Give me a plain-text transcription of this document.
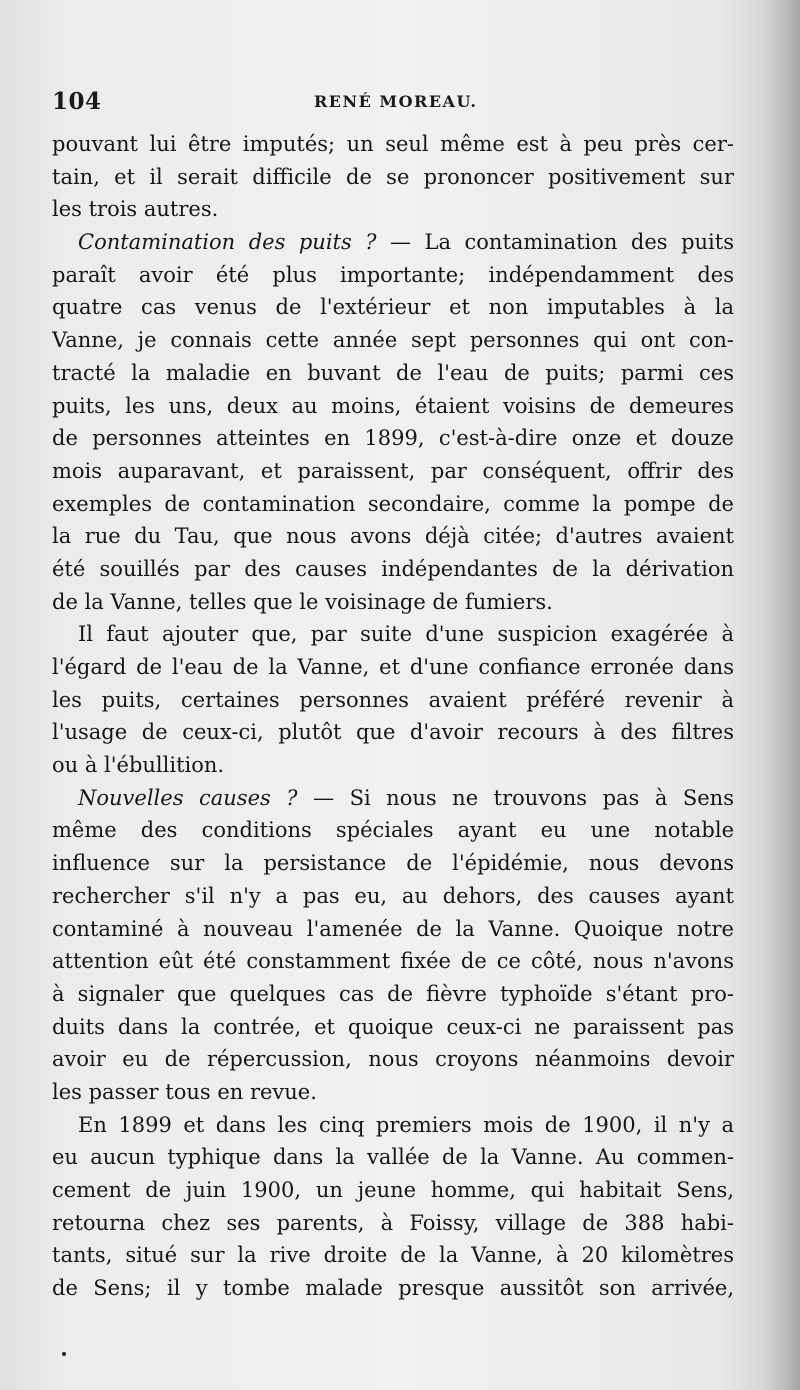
104	RENÉ MOREAU.
pouvant lui être imputés; un seul même est à peu près cer-
tain, et il serait difficile de se prononcer positivement sur
les trois autres.
Contamination des puits ? — La contamination des puits
paraît avoir été plus importante; indépendamment des
quatre cas venus de l'extérieur et non imputables à la
Vanne, je connais cette année sept personnes qui ont con-
tracté la maladie en buvant de l'eau de puits; parmi ces
puits, les uns, deux au moins, étaient voisins de demeures
de personnes atteintes en 1899, c'est-à-dire onze et douze
mois auparavant, et paraissent, par conséquent, offrir des
exemples de contamination secondaire, comme la pompe de
la rue du Tau, que nous avons déjà citée; d'autres avaient
été souillés par des causes indépendantes de la dérivation
de la Vanne, telles que le voisinage de fumiers.
Il faut ajouter que, par suite d'une suspicion exagérée à
l'égard de l'eau de la Vanne, et d'une confiance erronée dans
les puits, certaines personnes avaient préféré revenir à
l'usage de ceux-ci, plutôt que d'avoir recours à des filtres
ou à l'ébullition.
Nouvelles causes ? — Si nous ne trouvons pas à Sens
même des conditions spéciales ayant eu une notable
influence sur la persistance de l'épidémie, nous devons
rechercher s'il n'y a pas eu, au dehors, des causes ayant
contaminé à nouveau l'amenée de la Vanne. Quoique notre
attention eût été constamment fixée de ce côté, nous n'avons
à signaler que quelques cas de fièvre typhoïde s'étant pro-
duits dans la contrée, et quoique ceux-ci ne paraissent pas
avoir eu de répercussion, nous croyons néanmoins devoir
les passer tous en revue.
En 1899 et dans les cinq premiers mois de 1900, il n'y a
eu aucun typhique dans la vallée de la Vanne. Au commen-
cement de juin 1900, un jeune homme, qui habitait Sens,
retourna chez ses parents, à Foissy, village de 388 habi-
tants, situé sur la rive droite de la Vanne, à 20 kilomètres
de Sens; il y tombe malade presque aussitôt son arrivée,
